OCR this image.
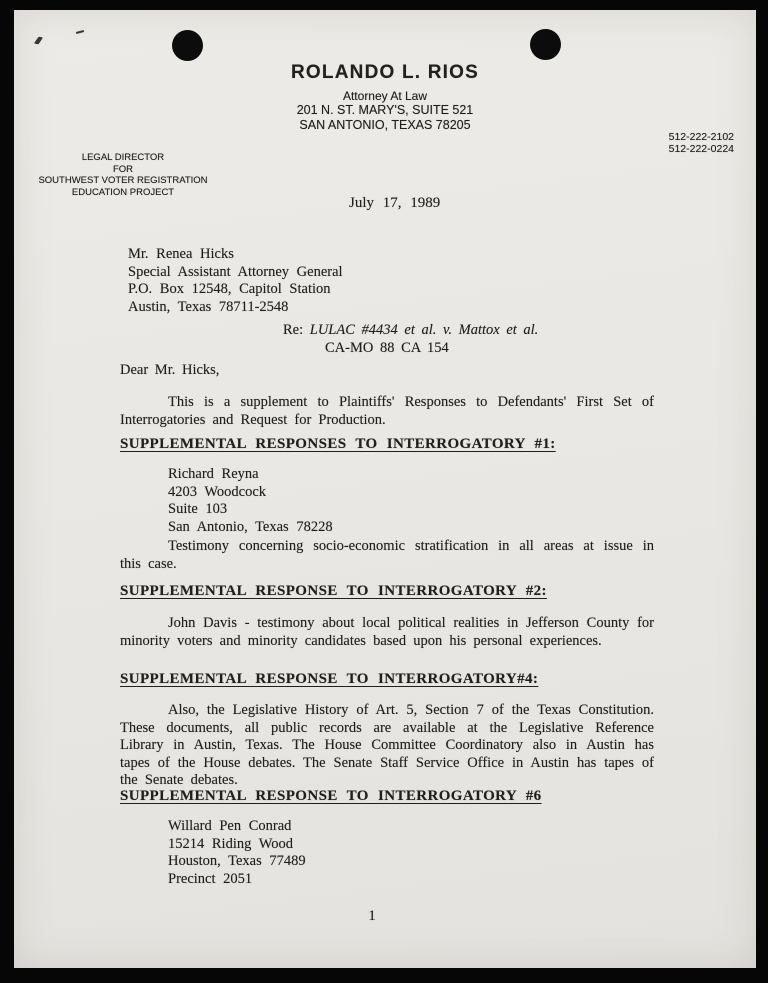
ROLANDO L. RIOS
Attorney At Law
201 N. ST. MARY'S, SUITE 521
SAN ANTONIO, TEXAS 78205
512-222-2102
512-222-0224
LEGAL DIRECTOR
FOR
SOUTHWEST VOTER REGISTRATION
EDUCATION PROJECT
July 17, 1989
Mr. Renea Hicks
Special Assistant Attorney General
P.O. Box 12548, Capitol Station
Austin, Texas 78711-2548
Re: LULAC #4434 et al. v. Mattox et al.
CA-MO 88 CA 154
Dear Mr. Hicks,

This is a supplement to Plaintiffs' Responses to Defendants' First Set of Interrogatories and Request for Production.

SUPPLEMENTAL RESPONSES TO INTERROGATORY #1:
Richard Reyna
4203 Woodcock
Suite 103
San Antonio, Texas 78228

Testimony concerning socio-economic stratification in all areas at issue in this case.

SUPPLEMENTAL RESPONSE TO INTERROGATORY #2:

John Davis - testimony about local political realities in Jefferson County for minority voters and minority candidates based upon his personal experiences.

SUPPLEMENTAL RESPONSE TO INTERROGATORY#4:

Also, the Legislative History of Art. 5, Section 7 of the Texas Constitution. These documents, all public records are available at the Legislative Reference Library in Austin, Texas. The House Committee Coordinatory also in Austin has tapes of the House debates. The Senate Staff Service Office in Austin has tapes of the Senate debates.

SUPPLEMENTAL RESPONSE TO INTERROGATORY #6
Willard Pen Conrad
15214 Riding Wood
Houston, Texas 77489
Precinct 2051
1
